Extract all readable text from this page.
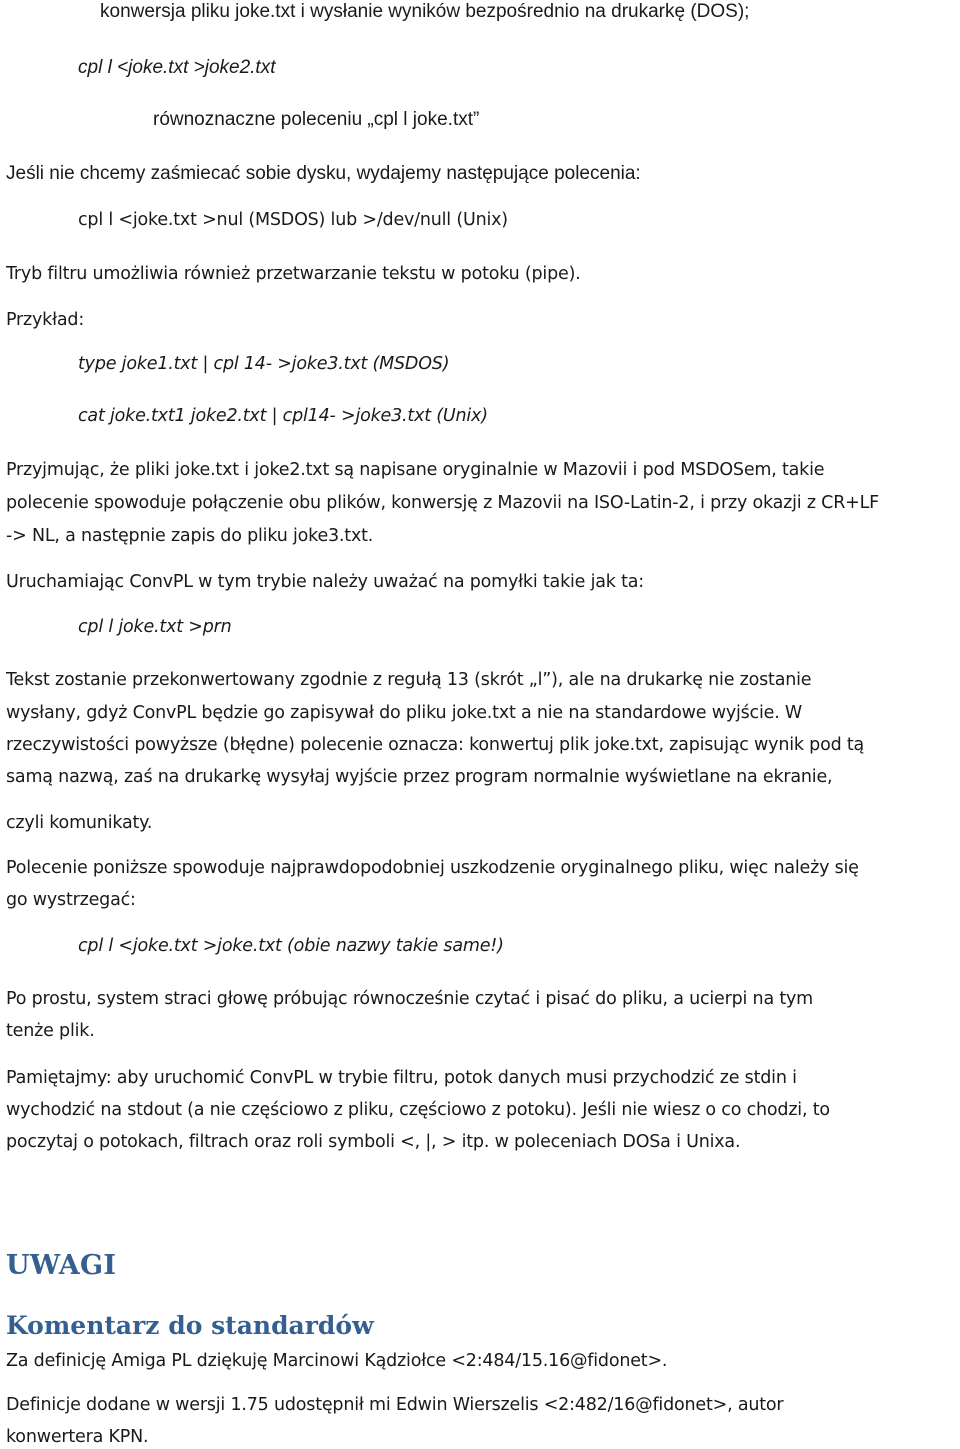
konwersja pliku joke.txt i wysłanie wyników bezpośrednio na drukarkę (DOS);

cpl l <joke.txt >joke2.txt

równoznaczne poleceniu „cpl l joke.txt”

Jeśli nie chcemy zaśmiecać sobie dysku, wydajemy następujące polecenia:

cpl l <joke.txt >nul (MSDOS) lub >/dev/null (Unix)

Tryb filtru umożliwia również przetwarzanie tekstu w potoku (pipe).

Przykład:

type joke1.txt | cpl 14- >joke3.txt (MSDOS)

cat joke.txt1 joke2.txt | cpl14- >joke3.txt (Unix)

Przyjmując, że pliki joke.txt i joke2.txt są napisane oryginalnie w Mazovii i pod MSDOSem, takie

polecenie spowoduje połączenie obu plików, konwersję z Mazovii na ISO-Latin-2, i przy okazji z CR+LF

-> NL, a następnie zapis do pliku joke3.txt.

Uruchamiając ConvPL w tym trybie należy uważać na pomyłki takie jak ta:

cpl l joke.txt >prn

Tekst zostanie przekonwertowany zgodnie z regułą 13 (skrót „l”), ale na drukarkę nie zostanie

wysłany, gdyż ConvPL będzie go zapisywał do pliku joke.txt a nie na standardowe wyjście. W

rzeczywistości powyższe (błędne) polecenie oznacza: konwertuj plik joke.txt, zapisując wynik pod tą

samą nazwą, zaś na drukarkę wysyłaj wyjście przez program normalnie wyświetlane na ekranie,

czyli komunikaty.

Polecenie poniższe spowoduje najprawdopodobniej uszkodzenie oryginalnego pliku, więc należy się

go wystrzegać:

cpl l <joke.txt >joke.txt (obie nazwy takie same!)

Po prostu, system straci głowę próbując równocześnie czytać i pisać do pliku, a ucierpi na tym

tenże plik.

Pamiętajmy: aby uruchomić ConvPL w trybie filtru, potok danych musi przychodzić ze stdin i

wychodzić na stdout (a nie częściowo z pliku, częściowo z potoku). Jeśli nie wiesz o co chodzi, to

poczytaj o potokach, filtrach oraz roli symboli <, |, > itp. w poleceniach DOSa i Unixa.

UWAGI
Komentarz do standardów

Za definicję Amiga PL dziękuję Marcinowi Kądziołce <2:484/15.16@fidonet>.

Definicje dodane w wersji 1.75 udostępnił mi Edwin Wierszelis <2:482/16@fidonet>, autor

konwertera KPN.
